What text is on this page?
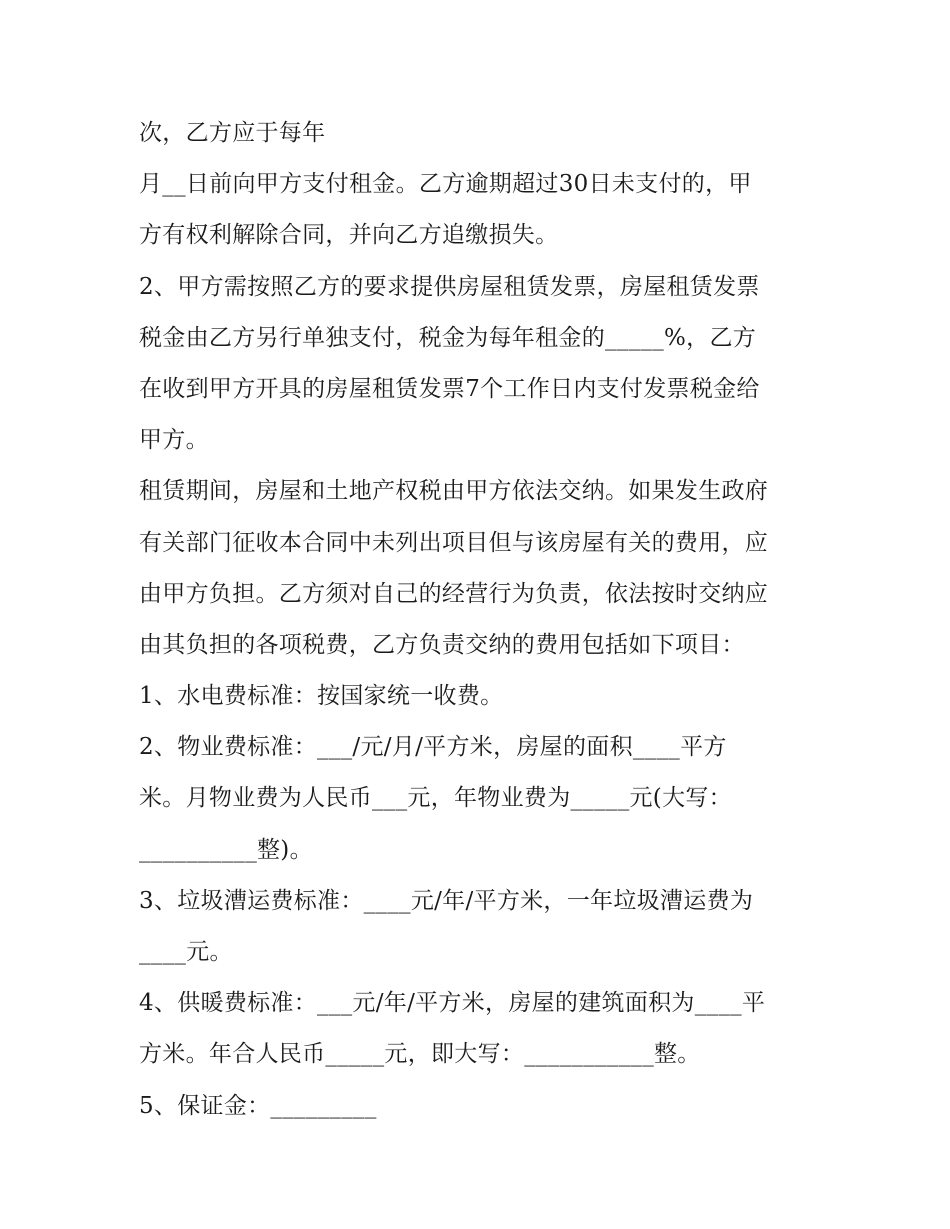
次，乙方应于每年
月__日前向甲方支付租金。乙方逾期超过30日未支付的，甲
方有权利解除合同，并向乙方追缴损失。
2、甲方需按照乙方的要求提供房屋租赁发票，房屋租赁发票
税金由乙方另行单独支付，税金为每年租金的_____%，乙方
在收到甲方开具的房屋租赁发票7个工作日内支付发票税金给
甲方。
租赁期间，房屋和土地产权税由甲方依法交纳。如果发生政府
有关部门征收本合同中未列出项目但与该房屋有关的费用，应
由甲方负担。乙方须对自己的经营行为负责，依法按时交纳应
由其负担的各项税费，乙方负责交纳的费用包括如下项目：
1、水电费标准：按国家统一收费。
2、物业费标准：___/元/月/平方米，房屋的面积____平方
米。月物业费为人民币___元，年物业费为_____元(大写：
__________整)。
3、垃圾漕运费标准：____元/年/平方米，一年垃圾漕运费为
____元。
4、供暖费标准：___元/年/平方米，房屋的建筑面积为____平
方米。年合人民币_____元，即大写：___________整。
5、保证金：_________
